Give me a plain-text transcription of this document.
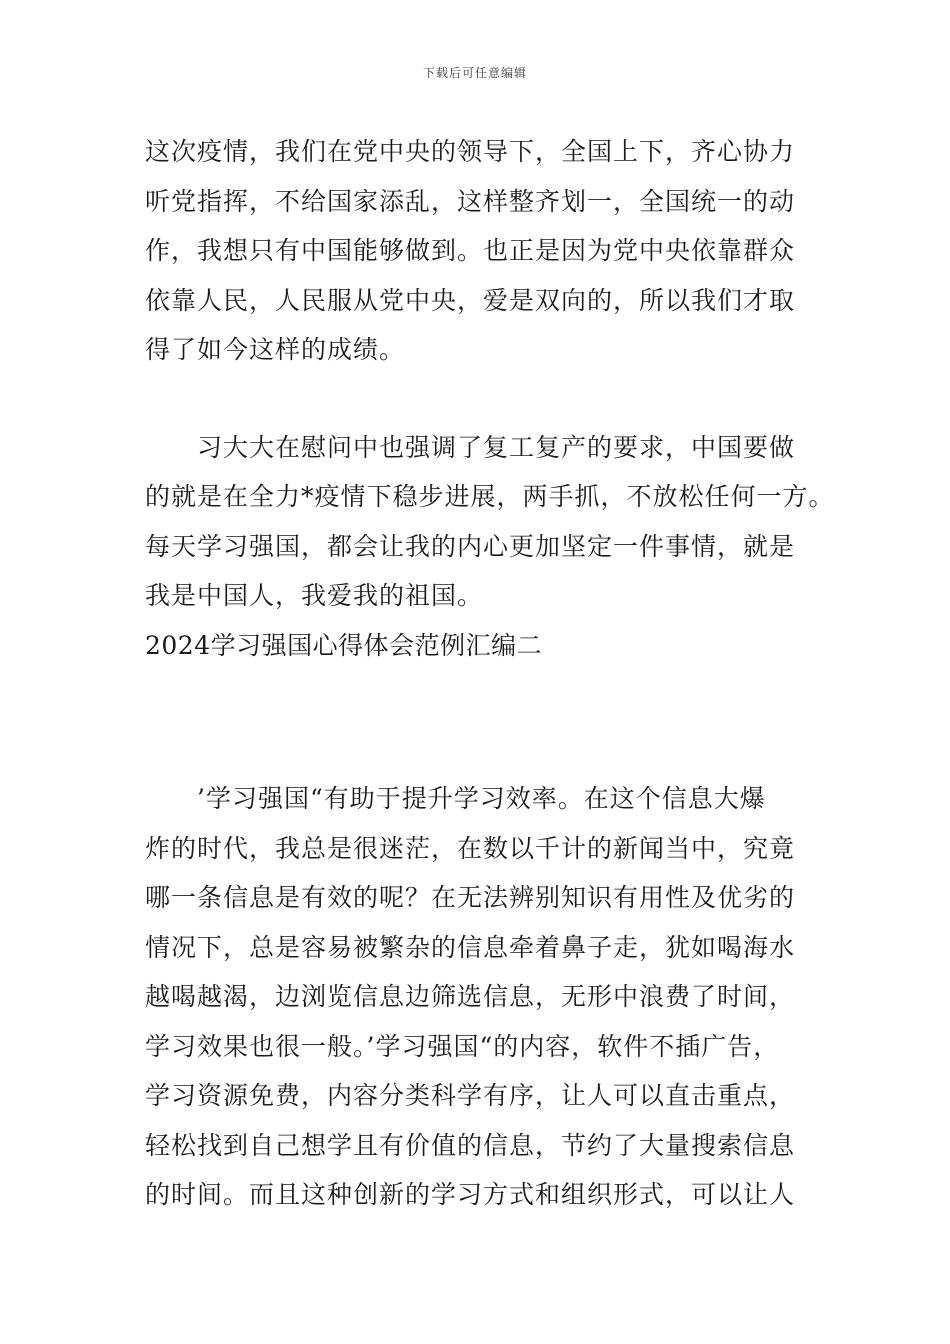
下载后可任意编辑

这次疫情，我们在党中央的领导下，全国上下，齐心协力
听党指挥，不给国家添乱，这样整齐划一，全国统一的动
作，我想只有中国能够做到。也正是因为党中央依靠群众
依靠人民，人民服从党中央，爱是双向的，所以我们才取
得了如今这样的成绩。

习大大在慰问中也强调了复工复产的要求，中国要做
的就是在全力*疫情下稳步进展，两手抓，不放松任何一方。
每天学习强国，都会让我的内心更加坚定一件事情，就是
我是中国人，我爱我的祖国。

2024学习强国心得体会范例汇编二

’学习强国“有助于提升学习效率。在这个信息大爆
炸的时代，我总是很迷茫，在数以千计的新闻当中，究竟
哪一条信息是有效的呢？在无法辨别知识有用性及优劣的
情况下，总是容易被繁杂的信息牵着鼻子走，犹如喝海水
越喝越渴，边浏览信息边筛选信息，无形中浪费了时间，
学习效果也很一般。’学习强国“的内容，软件不插广告，
学习资源免费，内容分类科学有序，让人可以直击重点，
轻松找到自己想学且有价值的信息，节约了大量搜索信息
的时间。而且这种创新的学习方式和组织形式，可以让人
